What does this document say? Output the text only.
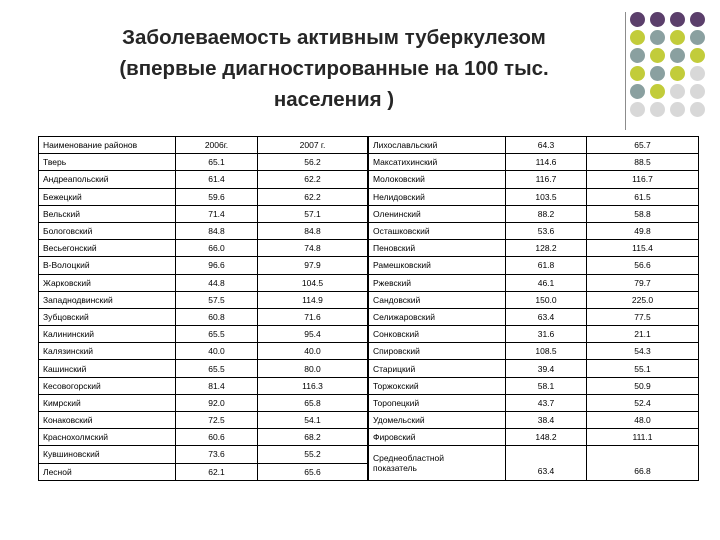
Заболеваемость активным туберкулезом
(впервые диагностированные на 100 тыс.
населения )
Наименование районов	2006г.	2007 г.
Тверь	65.1	56.2
Андреапольский	61.4	62.2
Бежецкий	59.6	62.2
Вельский	71.4	57.1
Бологовский	84.8	84.8
Весьегонский	66.0	74.8
В-Волоцкий	96.6	97.9
Жарковский	44.8	104.5
Западнодвинский	57.5	114.9
Зубцовский	60.8	71.6
Калининский	65.5	95.4
Калязинский	40.0	40.0
Кашинский	65.5	80.0
Кесовогорский	81.4	116.3
Кимрский	92.0	65.8
Конаковский	72.5	54.1
Краснохолмский	60.6	68.2
Кувшиновский	73.6	55.2
Лесной	62.1	65.6
Лихославльский	64.3	65.7
Максатихинский	114.6	88.5
Молоковский	116.7	116.7
Нелидовский	103.5	61.5
Оленинский	88.2	58.8
Осташковский	53.6	49.8
Пеновский	128.2	115.4
Рамешковский	61.8	56.6
Ржевский	46.1	79.7
Сандовский	150.0	225.0
Селижаровский	63.4	77.5
Сонковский	31.6	21.1
Спировский	108.5	54.3
Старицкий	39.4	55.1
Торжокский	58.1	50.9
Торопецкий	43.7	52.4
Удомельский	38.4	48.0
Фировский	148.2	111.1

Среднеобластной
показатель	63.4	66.8
